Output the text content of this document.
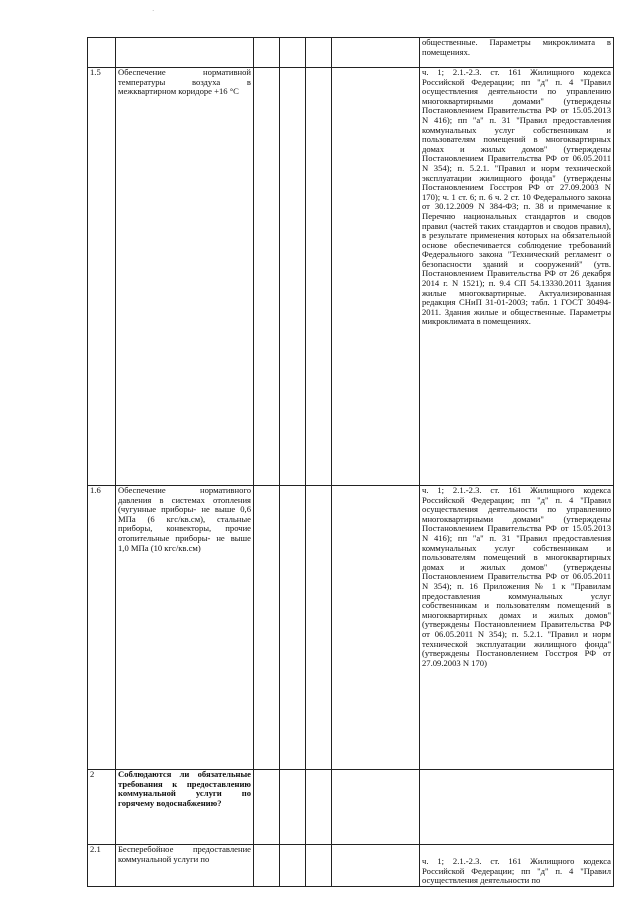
·
						общественные. Параметры микроклимата в помещениях.
1.5	Обеспечение нормативной температуры воздуха в межквартирном коридоре +16 °С					ч. 1; 2.1.-2.3. ст. 161 Жилищного кодекса Российской Федерации; пп "д" п. 4 "Правил осуществления деятельности по управлению многоквартирными домами" (утверждены Постановлением Правительства РФ от 15.05.2013 N 416); пп "а" п. 31 "Правил предоставления коммунальных услуг собственникам и пользователям помещений в многоквартирных домах и жилых домов" (утверждены Постановлением Правительства РФ от 06.05.2011 N 354); п. 5.2.1. "Правил и норм технической эксплуатации жилищного фонда" (утверждены Постановлением Госстроя РФ от 27.09.2003 N 170); ч. 1 ст. 6; п. 6 ч. 2 ст. 10 Федерального закона от 30.12.2009 N 384-ФЗ; п. 38 и примечание к Перечню национальных стандартов и сводов правил (частей таких стандартов и сводов правил), в результате применения которых на обязательной основе обеспечивается соблюдение требований Федерального закона "Технический регламент о безопасности зданий и сооружений" (утв. Постановлением Правительства РФ от 26 декабря 2014 г. N 1521); п. 9.4 СП 54.13330.2011 Здания жилые многоквартирные. Актуализированная редакция СНиП 31-01-2003; табл. 1 ГОСТ 30494-2011. Здания жилые и общественные. Параметры микроклимата в помещениях.
1.6	Обеспечение нормативного давления в системах отопления (чугунные приборы- не выше 0,6 МПа (6 кгс/кв.см), стальные приборы, конвекторы, прочие отопительные приборы- не выше 1,0 МПа (10 кгс/кв.см)					ч. 1; 2.1.-2.3. ст. 161 Жилищного кодекса Российской Федерации; пп "д" п. 4 "Правил осуществления деятельности по управлению многоквартирными домами" (утверждены Постановлением Правительства РФ от 15.05.2013 N 416); пп "а" п. 31 "Правил предоставления коммунальных услуг собственникам и пользователям помещений в многоквартирных домах и жилых домов" (утверждены Постановлением Правительства РФ от 06.05.2011 N 354); п. 16 Приложения № 1 к "Правилам предоставления коммунальных услуг собственникам и пользователям помещений в многоквартирных домах и жилых домов" (утверждены Постановлением Правительства РФ от 06.05.2011 N 354); п. 5.2.1. "Правил и норм технической эксплуатации жилищного фонда" (утверждены Постановлением Госстроя РФ от 27.09.2003 N 170)
2	Соблюдаются ли обязательные требования к предоставлению коммунальной услуги по горячему водоснабжению?					
2.1	Бесперебойное предоставление коммунальной услуги по					ч. 1; 2.1.-2.3. ст. 161 Жилищного кодекса Российской Федерации; пп "д" п. 4 "Правил осуществления деятельности по
